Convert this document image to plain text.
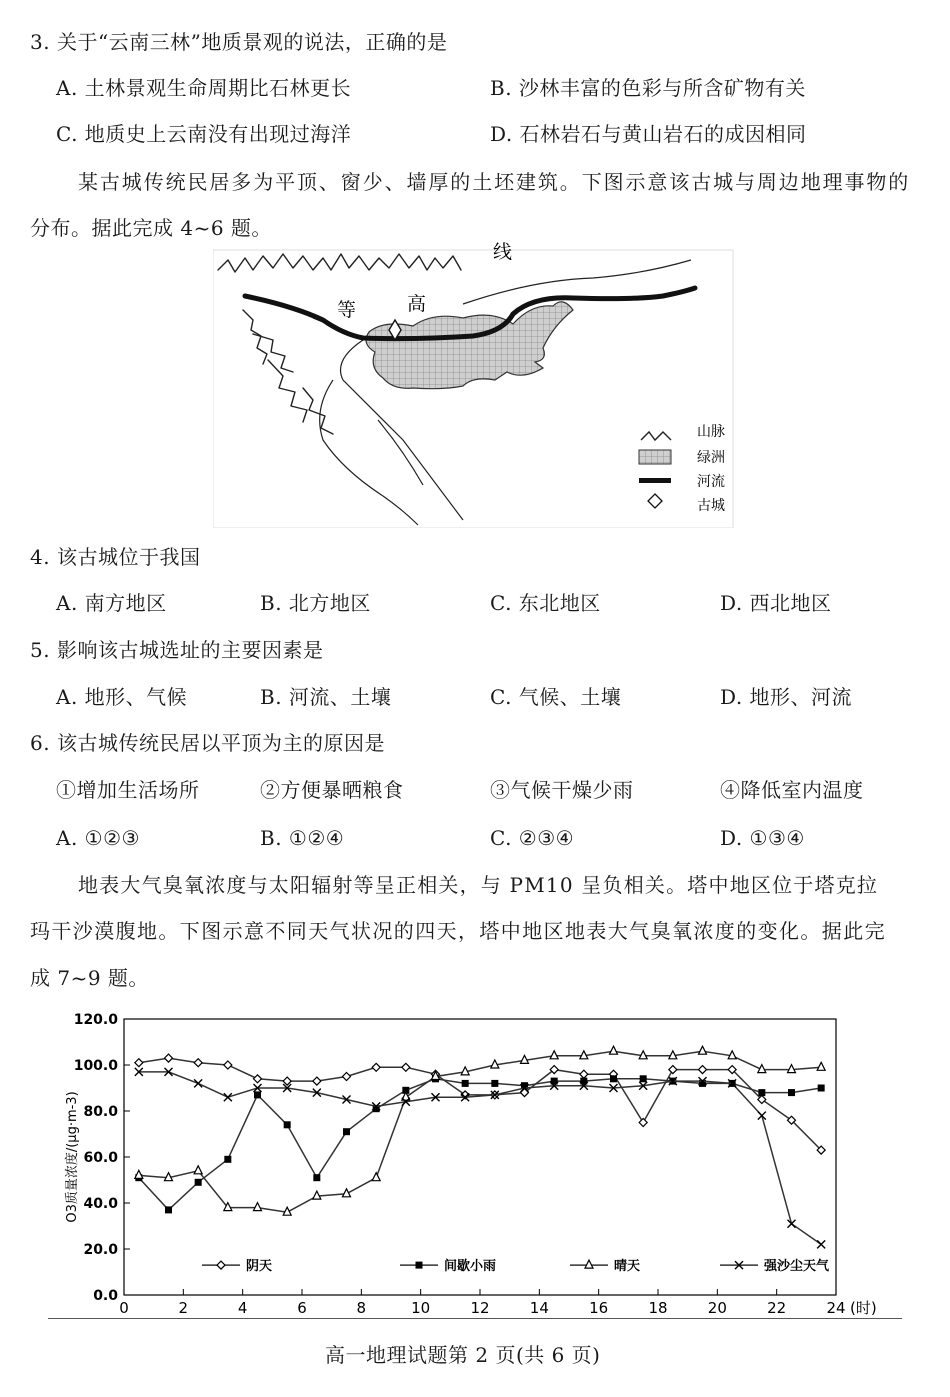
3. 关于“云南三林”地质景观的说法，正确的是
A. 土林景观生命周期比石林更长	B. 沙林丰富的色彩与所含矿物有关
C. 地质史上云南没有出现过海洋	D. 石林岩石与黄山岩石的成因相同
某古城传统民居多为平顶、窗少、墙厚的土坯建筑。下图示意该古城与周边地理事物的
分布。据此完成 4~6 题。
线
等	高
山脉
绿洲
河流
古城
4. 该古城位于我国
A. 南方地区	B. 北方地区	C. 东北地区	D. 西北地区
5. 影响该古城选址的主要因素是
A. 地形、气候	B. 河流、土壤	C. 气候、土壤	D. 地形、河流
6. 该古城传统民居以平顶为主的原因是
①增加生活场所	②方便暴晒粮食	③气候干燥少雨	④降低室内温度
A. ①②③	B. ①②④	C. ②③④	D. ①③④
地表大气臭氧浓度与太阳辐射等呈正相关，与 PM10 呈负相关。塔中地区位于塔克拉
玛干沙漠腹地。下图示意不同天气状况的四天，塔中地区地表大气臭氧浓度的变化。据此完
成 7~9 题。
0.0
20.0
40.0
60.0
80.0
100.0
120.0
0	2	4	6	8	10	12	14	16	18	20	22	24 (时)
O3质量浓度/(μg·m-3)
阴天	间歇小雨	晴天	强沙尘天气
高一地理试题第 2 页(共 6 页)
